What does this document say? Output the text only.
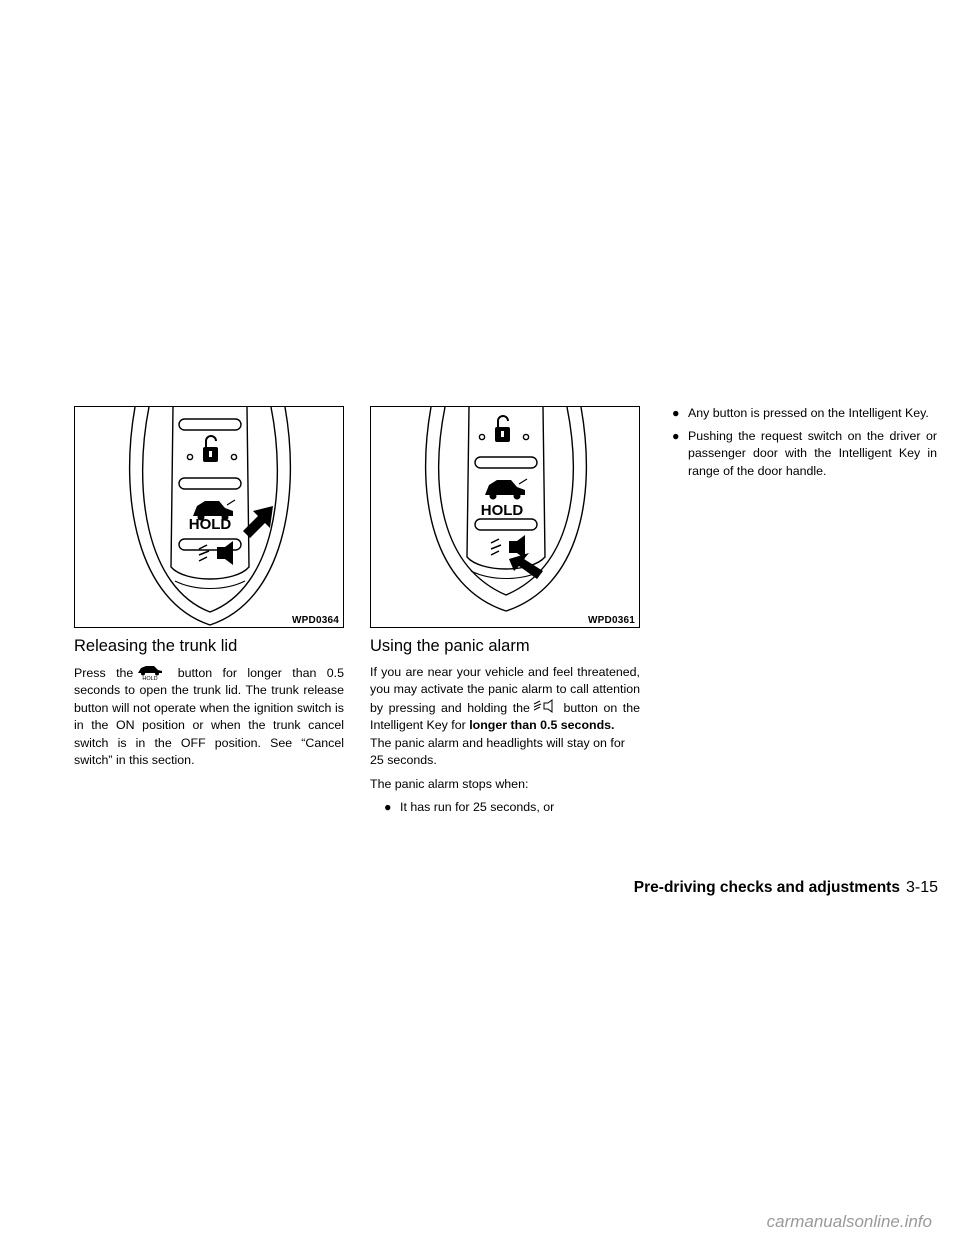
HOLD
WPD0364
HOLD
WPD0361
Releasing the trunk lid

Press the HOLD button for longer than 0.5 seconds to open the trunk lid. The trunk release button will not operate when the ignition switch is in the ON position or when the trunk cancel switch is in the OFF position. See “Cancel switch” in this section.

Using the panic alarm

If you are near your vehicle and feel threatened, you may activate the panic alarm to call attention by pressing and holding the	button on the Intelligent Key for longer than 0.5 seconds.

The panic alarm and headlights will stay on for 25 seconds.

The panic alarm stops when:

● It has run for 25 seconds, or
● Any button is pressed on the Intelligent Key.
● Pushing the request switch on the driver or passenger door with the Intelligent Key in range of the door handle.
Pre-driving checks and adjustments 3-15
carmanualsonline.info
